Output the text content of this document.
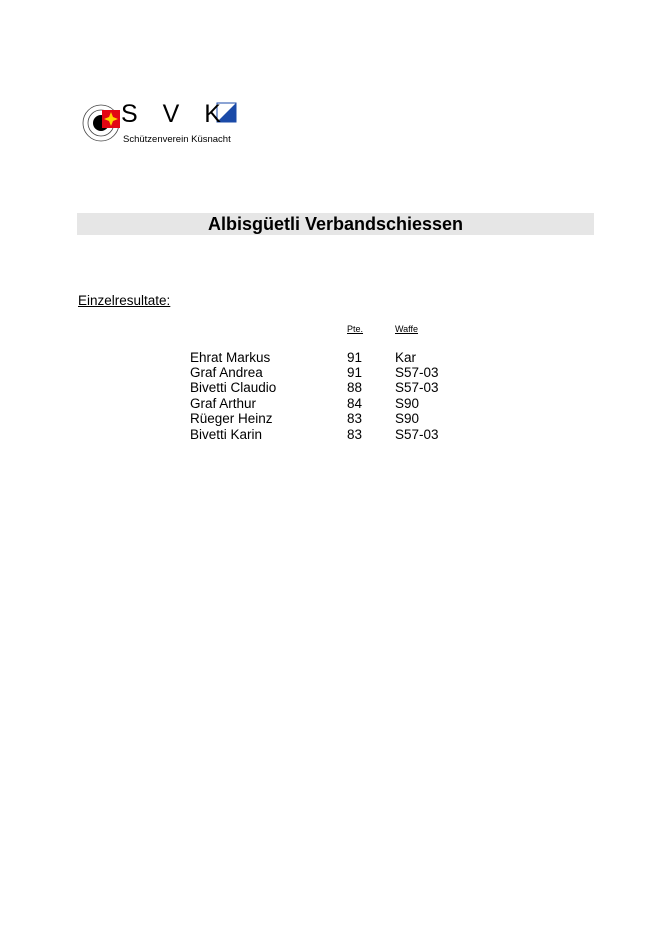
S V K
Schützenverein Küsnacht
Albisgüetli Verbandschiessen
Einzelresultate:
Pte.	Waffe
Ehrat Markus	91 Kar
Graf Andrea	91 S57-03
Bivetti Claudio	88 S57-03
Graf Arthur	84 S90
Rüeger Heinz	83 S90
Bivetti Karin	83 S57-03
